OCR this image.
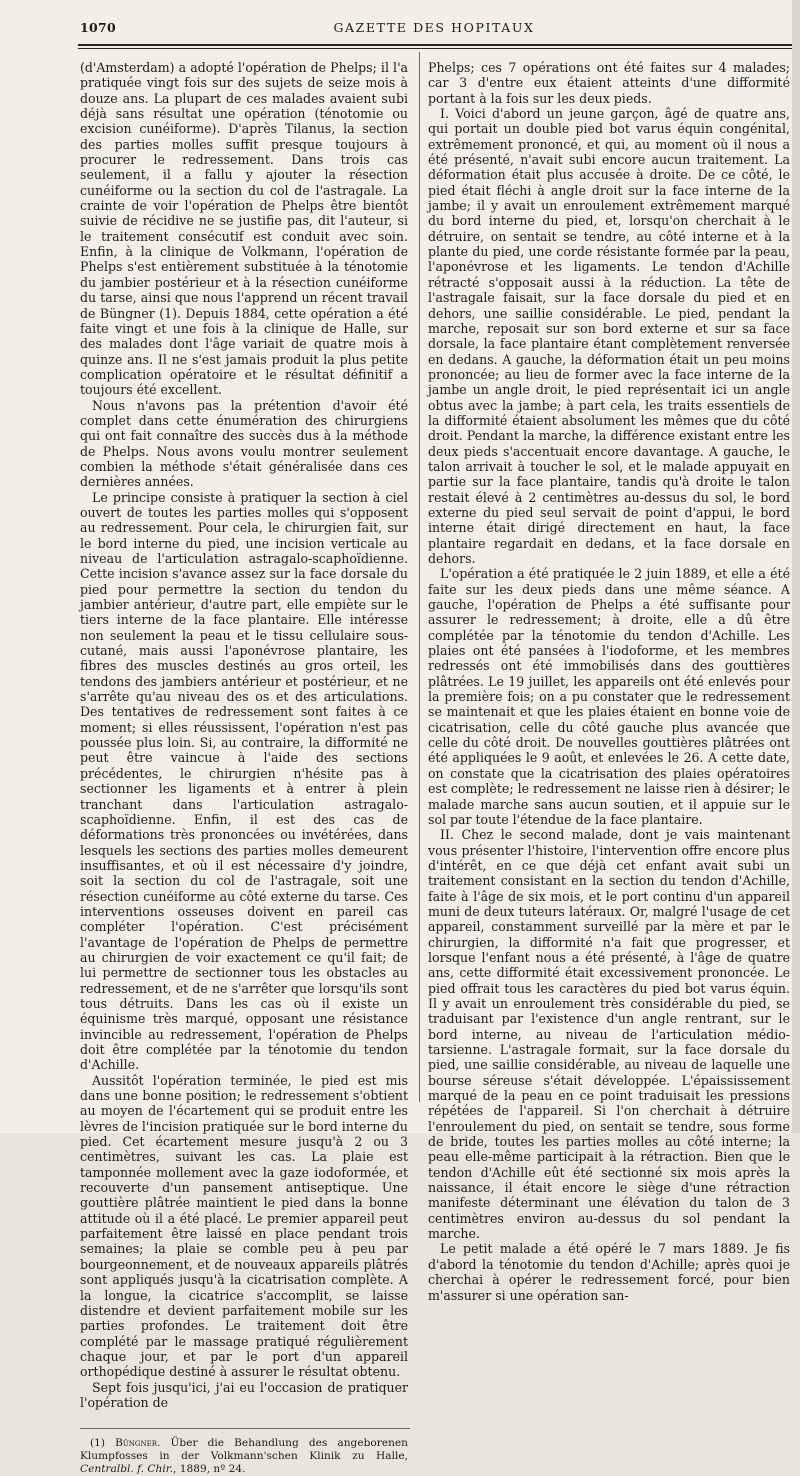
1070	GAZETTE DES HOPITAUX

(d'Amsterdam) a adopté l'opération de Phelps; il l'a pratiquée vingt fois sur des sujets de seize mois à douze ans. La plupart de ces malades avaient subi déjà sans résultat une opération (ténotomie ou excision cunéiforme). D'après Tilanus, la section des parties molles suffit presque toujours à procurer le redressement. Dans trois cas seulement, il a fallu y ajouter la résection cunéiforme ou la section du col de l'astragale. La crainte de voir l'opération de Phelps être bientôt suivie de récidive ne se justifie pas, dit l'auteur, si le traitement consécutif est conduit avec soin. Enfin, à la clinique de Volkmann, l'opération de Phelps s'est entièrement substituée à la ténotomie du jambier postérieur et à la résection cunéiforme du tarse, ainsi que nous l'apprend un récent travail de Büngner (1). Depuis 1884, cette opération a été faite vingt et une fois à la clinique de Halle, sur des malades dont l'âge variait de quatre mois à quinze ans. Il ne s'est jamais produit la plus petite complication opératoire et le résultat définitif a toujours été excellent.

Nous n'avons pas la prétention d'avoir été complet dans cette énumération des chirurgiens qui ont fait connaître des succès dus à la méthode de Phelps. Nous avons voulu montrer seulement combien la méthode s'était généralisée dans ces dernières années.

Le principe consiste à pratiquer la section à ciel ouvert de toutes les parties molles qui s'opposent au redressement. Pour cela, le chirurgien fait, sur le bord interne du pied, une incision verticale au niveau de l'articulation astragalo-scaphoïdienne. Cette incision s'avance assez sur la face dorsale du pied pour permettre la section du tendon du jambier antérieur, d'autre part, elle empiète sur le tiers interne de la face plantaire. Elle intéresse non seulement la peau et le tissu cellulaire sous-cutané, mais aussi l'aponévrose plantaire, les fibres des muscles destinés au gros orteil, les tendons des jambiers antérieur et postérieur, et ne s'arrête qu'au niveau des os et des articulations. Des tentatives de redressement sont faites à ce moment; si elles réussissent, l'opération n'est pas poussée plus loin. Si, au contraire, la difformité ne peut être vaincue à l'aide des sections précédentes, le chirurgien n'hésite pas à sectionner les ligaments et à entrer à plein tranchant dans l'articulation astragalo-scaphoïdienne. Enfin, il est des cas de déformations très prononcées ou invétérées, dans lesquels les sections des parties molles demeurent insuffisantes, et où il est nécessaire d'y joindre, soit la section du col de l'astragale, soit une résection cunéiforme au côté externe du tarse. Ces interventions osseuses doivent en pareil cas compléter l'opération. C'est précisément l'avantage de l'opération de Phelps de permettre au chirurgien de voir exactement ce qu'il fait; de lui permettre de sectionner tous les obstacles au redressement, et de ne s'arrêter que lorsqu'ils sont tous détruits. Dans les cas où il existe un équinisme très marqué, opposant une résistance invincible au redressement, l'opération de Phelps doit être complétée par la ténotomie du tendon d'Achille.

Aussitôt l'opération terminée, le pied est mis dans une bonne position; le redressement s'obtient au moyen de l'écartement qui se produit entre les lèvres de l'incision pratiquée sur le bord interne du pied. Cet écartement mesure jusqu'à 2 ou 3 centimètres, suivant les cas. La plaie est tamponnée mollement avec la gaze iodoformée, et recouverte d'un pansement antiseptique. Une gouttière plâtrée maintient le pied dans la bonne attitude où il a été placé. Le premier appareil peut parfaitement être laissé en place pendant trois semaines; la plaie se comble peu à peu par bourgeonnement, et de nouveaux appareils plâtrés sont appliqués jusqu'à la cicatrisation complète. A la longue, la cicatrice s'accomplit, se laisse distendre et devient parfaitement mobile sur les parties profondes. Le traitement doit être complété par le massage pratiqué régulièrement chaque jour, et par le port d'un appareil orthopédique destiné à assurer le résultat obtenu.

Sept fois jusqu'ici, j'ai eu l'occasion de pratiquer l'opération de

(1) Büngner. Über die Behandlung des angeborenen Klumpfosses in der Volkmann'schen Klinik zu Halle, Centralbl. f. Chir., 1889, nº 24.

Phelps; ces 7 opérations ont été faites sur 4 malades; car 3 d'entre eux étaient atteints d'une difformité portant à la fois sur les deux pieds.

I. Voici d'abord un jeune garçon, âgé de quatre ans, qui portait un double pied bot varus équin congénital, extrêmement prononcé, et qui, au moment où il nous a été présenté, n'avait subi encore aucun traitement. La déformation était plus accusée à droite. De ce côté, le pied était fléchi à angle droit sur la face interne de la jambe; il y avait un enroulement extrêmement marqué du bord interne du pied, et, lorsqu'on cherchait à le détruire, on sentait se tendre, au côté interne et à la plante du pied, une corde résistante formée par la peau, l'aponévrose et les ligaments. Le tendon d'Achille rétracté s'opposait aussi à la réduction. La tête de l'astragale faisait, sur la face dorsale du pied et en dehors, une saillie considérable. Le pied, pendant la marche, reposait sur son bord externe et sur sa face dorsale, la face plantaire étant complètement renversée en dedans. A gauche, la déformation était un peu moins prononcée; au lieu de former avec la face interne de la jambe un angle droit, le pied représentait ici un angle obtus avec la jambe; à part cela, les traits essentiels de la difformité étaient absolument les mêmes que du côté droit. Pendant la marche, la différence existant entre les deux pieds s'accentuait encore davantage. A gauche, le talon arrivait à toucher le sol, et le malade appuyait en partie sur la face plantaire, tandis qu'à droite le talon restait élevé à 2 centimètres au-dessus du sol, le bord externe du pied seul servait de point d'appui, le bord interne était dirigé directement en haut, la face plantaire regardait en dedans, et la face dorsale en dehors.

L'opération a été pratiquée le 2 juin 1889, et elle a été faite sur les deux pieds dans une même séance. A gauche, l'opération de Phelps a été suffisante pour assurer le redressement; à droite, elle a dû être complétée par la ténotomie du tendon d'Achille. Les plaies ont été pansées à l'iodoforme, et les membres redressés ont été immobilisés dans des gouttières plâtrées. Le 19 juillet, les appareils ont été enlevés pour la première fois; on a pu constater que le redressement se maintenait et que les plaies étaient en bonne voie de cicatrisation, celle du côté gauche plus avancée que celle du côté droit. De nouvelles gouttières plâtrées ont été appliquées le 9 août, et enlevées le 26. A cette date, on constate que la cicatrisation des plaies opératoires est complète; le redressement ne laisse rien à désirer; le malade marche sans aucun soutien, et il appuie sur le sol par toute l'étendue de la face plantaire.

II. Chez le second malade, dont je vais maintenant vous présenter l'histoire, l'intervention offre encore plus d'intérêt, en ce que déjà cet enfant avait subi un traitement consistant en la section du tendon d'Achille, faite à l'âge de six mois, et le port continu d'un appareil muni de deux tuteurs latéraux. Or, malgré l'usage de cet appareil, constamment surveillé par la mère et par le chirurgien, la difformité n'a fait que progresser, et lorsque l'enfant nous a été présenté, à l'âge de quatre ans, cette difformité était excessivement prononcée. Le pied offrait tous les caractères du pied bot varus équin. Il y avait un enroulement très considérable du pied, se traduisant par l'existence d'un angle rentrant, sur le bord interne, au niveau de l'articulation médio-tarsienne. L'astragale formait, sur la face dorsale du pied, une saillie considérable, au niveau de laquelle une bourse séreuse s'était développée. L'épaississement marqué de la peau en ce point traduisait les pressions répétées de l'appareil. Si l'on cherchait à détruire l'enroulement du pied, on sentait se tendre, sous forme de bride, toutes les parties molles au côté interne; la peau elle-même participait à la rétraction. Bien que le tendon d'Achille eût été sectionné six mois après la naissance, il était encore le siège d'une rétraction manifeste déterminant une élévation du talon de 3 centimètres environ au-dessus du sol pendant la marche.

Le petit malade a été opéré le 7 mars 1889. Je fis d'abord la ténotomie du tendon d'Achille; après quoi je cherchai à opérer le redressement forcé, pour bien m'assurer si une opération san-
